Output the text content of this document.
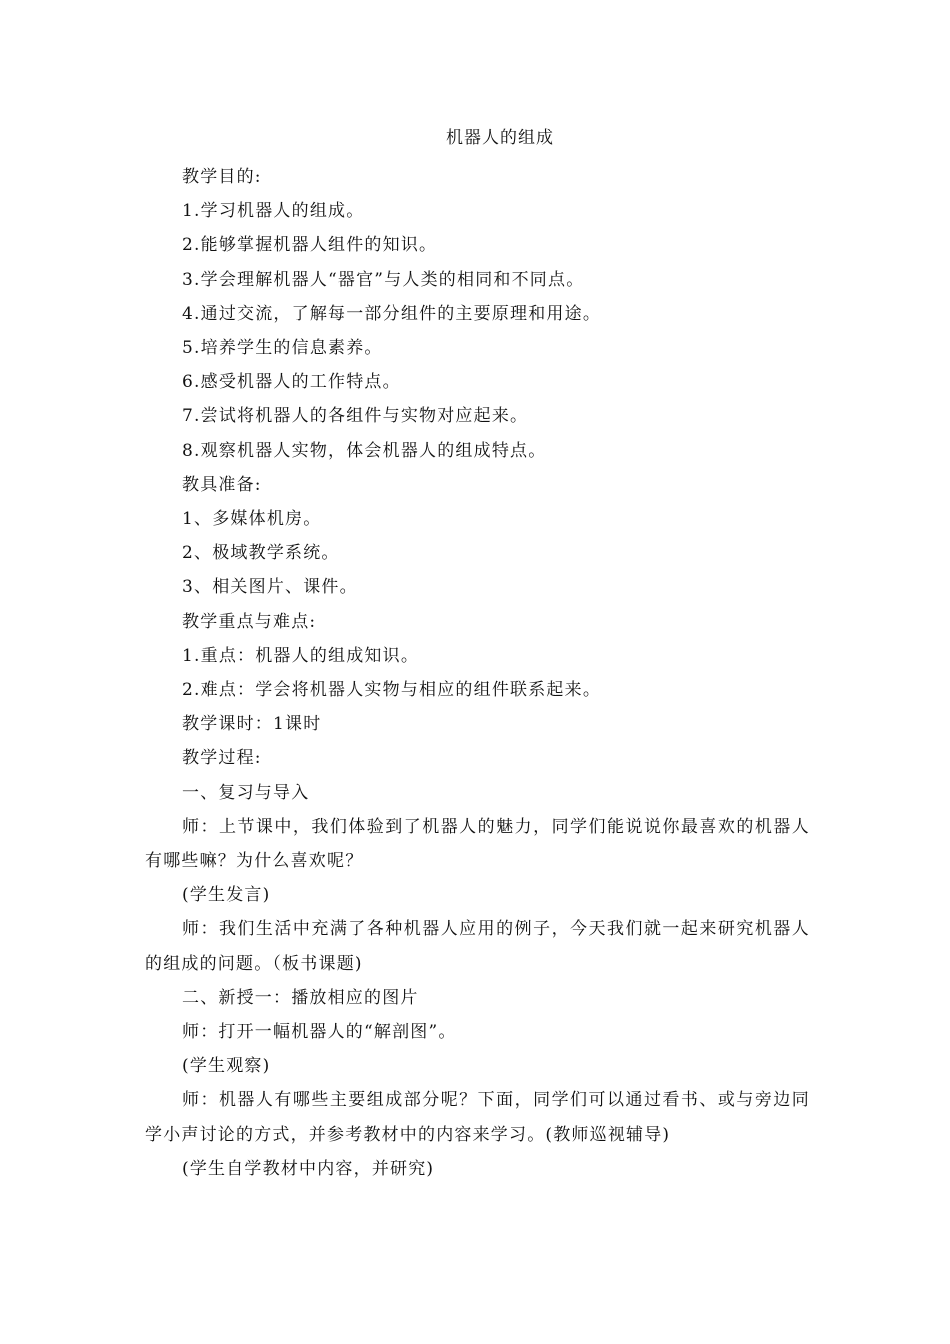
机器人的组成

教学目的:

1.学习机器人的组成。

2.能够掌握机器人组件的知识。

3.学会理解机器人“器官”与人类的相同和不同点。

4.通过交流，了解每一部分组件的主要原理和用途。

5.培养学生的信息素养。

6.感受机器人的工作特点。

7.尝试将机器人的各组件与实物对应起来。

8.观察机器人实物，体会机器人的组成特点。

教具准备:

1、多媒体机房。

2、极域教学系统。

3、相关图片、课件。

教学重点与难点:

1.重点：机器人的组成知识。

2.难点：学会将机器人实物与相应的组件联系起来。

教学课时：1课时

教学过程:

一、复习与导入

师：上节课中，我们体验到了机器人的魅力，同学们能说说你最喜欢的机器人有哪些嘛？为什么喜欢呢？

(学生发言)

师：我们生活中充满了各种机器人应用的例子，今天我们就一起来研究机器人的组成的问题。（板书课题)

二、新授一：播放相应的图片

师：打开一幅机器人的“解剖图”。

(学生观察)

师：机器人有哪些主要组成部分呢？下面，同学们可以通过看书、或与旁边同学小声讨论的方式，并参考教材中的内容来学习。(教师巡视辅导)

(学生自学教材中内容，并研究)
